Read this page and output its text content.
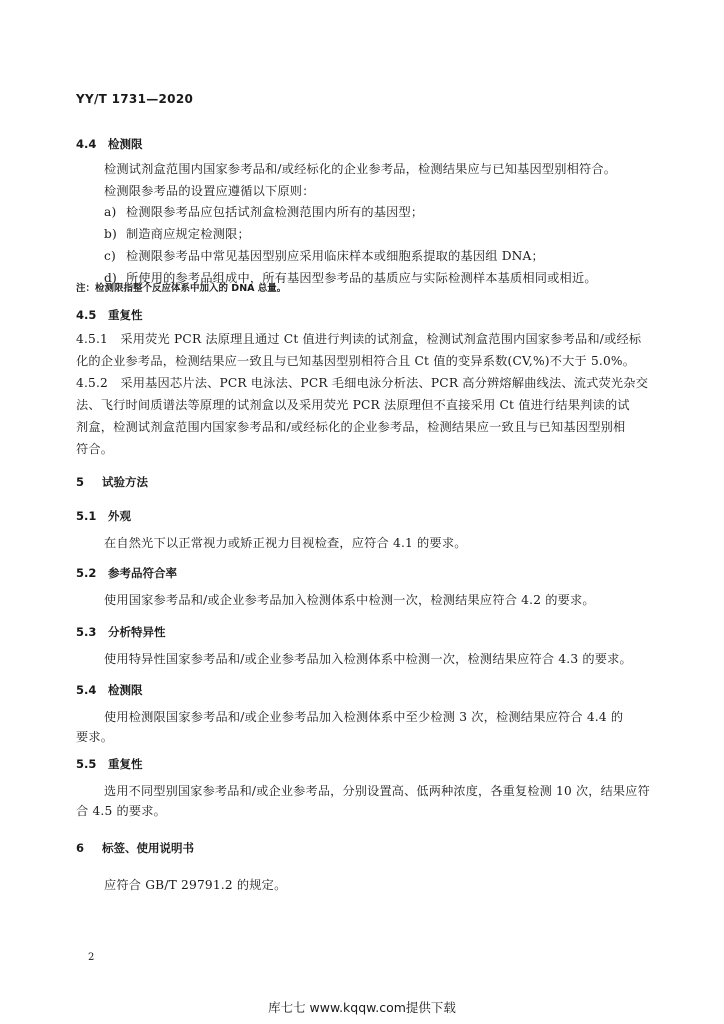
YY/T 1731—2020
4.4 检测限
检测试剂盒范围内国家参考品和/或经标化的企业参考品，检测结果应与已知基因型别相符合。
检测限参考品的设置应遵循以下原则：
a) 检测限参考品应包括试剂盒检测范围内所有的基因型；
b) 制造商应规定检测限；
c) 检测限参考品中常见基因型别应采用临床样本或细胞系提取的基因组 DNA；
d) 所使用的参考品组成中，所有基因型参考品的基质应与实际检测样本基质相同或相近。
注：检测限指整个反应体系中加入的 DNA 总量。
4.5 重复性
4.5.1　采用荧光 PCR 法原理且通过 Ct 值进行判读的试剂盒，检测试剂盒范围内国家参考品和/或经标
化的企业参考品，检测结果应一致且与已知基因型别相符合且 Ct 值的变异系数(CV,%)不大于 5.0%。
4.5.2　采用基因芯片法、PCR 电泳法、PCR 毛细电泳分析法、PCR 高分辨熔解曲线法、流式荧光杂交
法、飞行时间质谱法等原理的试剂盒以及采用荧光 PCR 法原理但不直接采用 Ct 值进行结果判读的试
剂盒，检测试剂盒范围内国家参考品和/或经标化的企业参考品，检测结果应一致且与已知基因型别相
符合。
5 试验方法
5.1 外观
在自然光下以正常视力或矫正视力目视检查，应符合 4.1 的要求。
5.2 参考品符合率
使用国家参考品和/或企业参考品加入检测体系中检测一次，检测结果应符合 4.2 的要求。
5.3 分析特异性
使用特异性国家参考品和/或企业参考品加入检测体系中检测一次，检测结果应符合 4.3 的要求。
5.4 检测限
使用检测限国家参考品和/或企业参考品加入检测体系中至少检测 3 次，检测结果应符合 4.4 的
要求。
5.5 重复性
选用不同型别国家参考品和/或企业参考品，分别设置高、低两种浓度，各重复检测 10 次，结果应符
合 4.5 的要求。
6 标签、使用说明书
应符合 GB/T 29791.2 的规定。
2
库七七 www.kqqw.com提供下载
